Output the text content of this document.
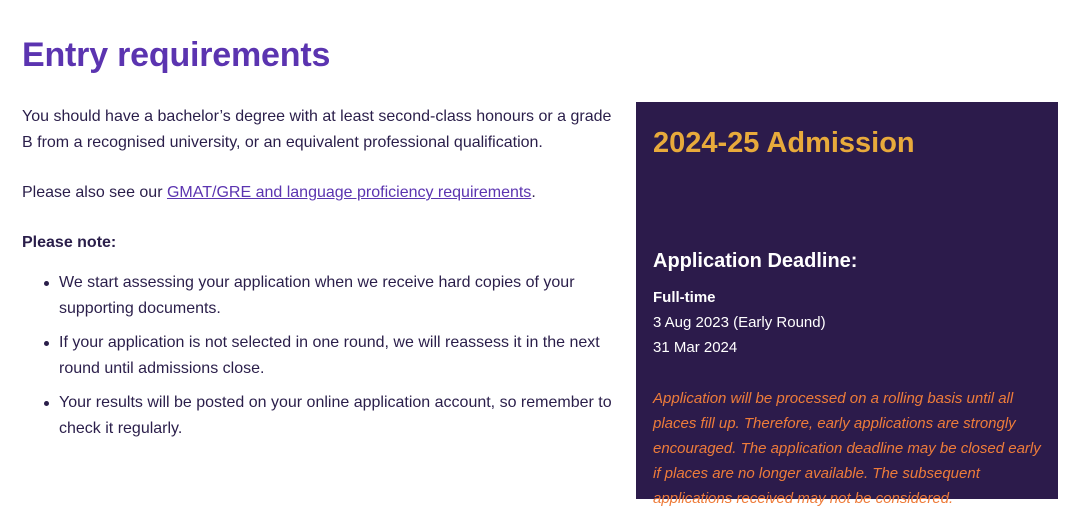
Entry requirements

You should have a bachelor’s degree with at least second-class honours or a grade B from a recognised university, or an equivalent professional qualification.

Please also see our GMAT/GRE and language proficiency requirements.

Please note:

We start assessing your application when we receive hard copies of your supporting documents.
If your application is not selected in one round, we will reassess it in the next round until admissions close.
Your results will be posted on your online application account, so remember to check it regularly.
2024-25 Admission
Application Deadline:

Full-time

3 Aug 2023 (Early Round)

31 Mar 2024

Application will be processed on a rolling basis until all places fill up. Therefore, early applications are strongly encouraged. The application deadline may be closed early if places are no longer available. The subsequent applications received may not be considered.
